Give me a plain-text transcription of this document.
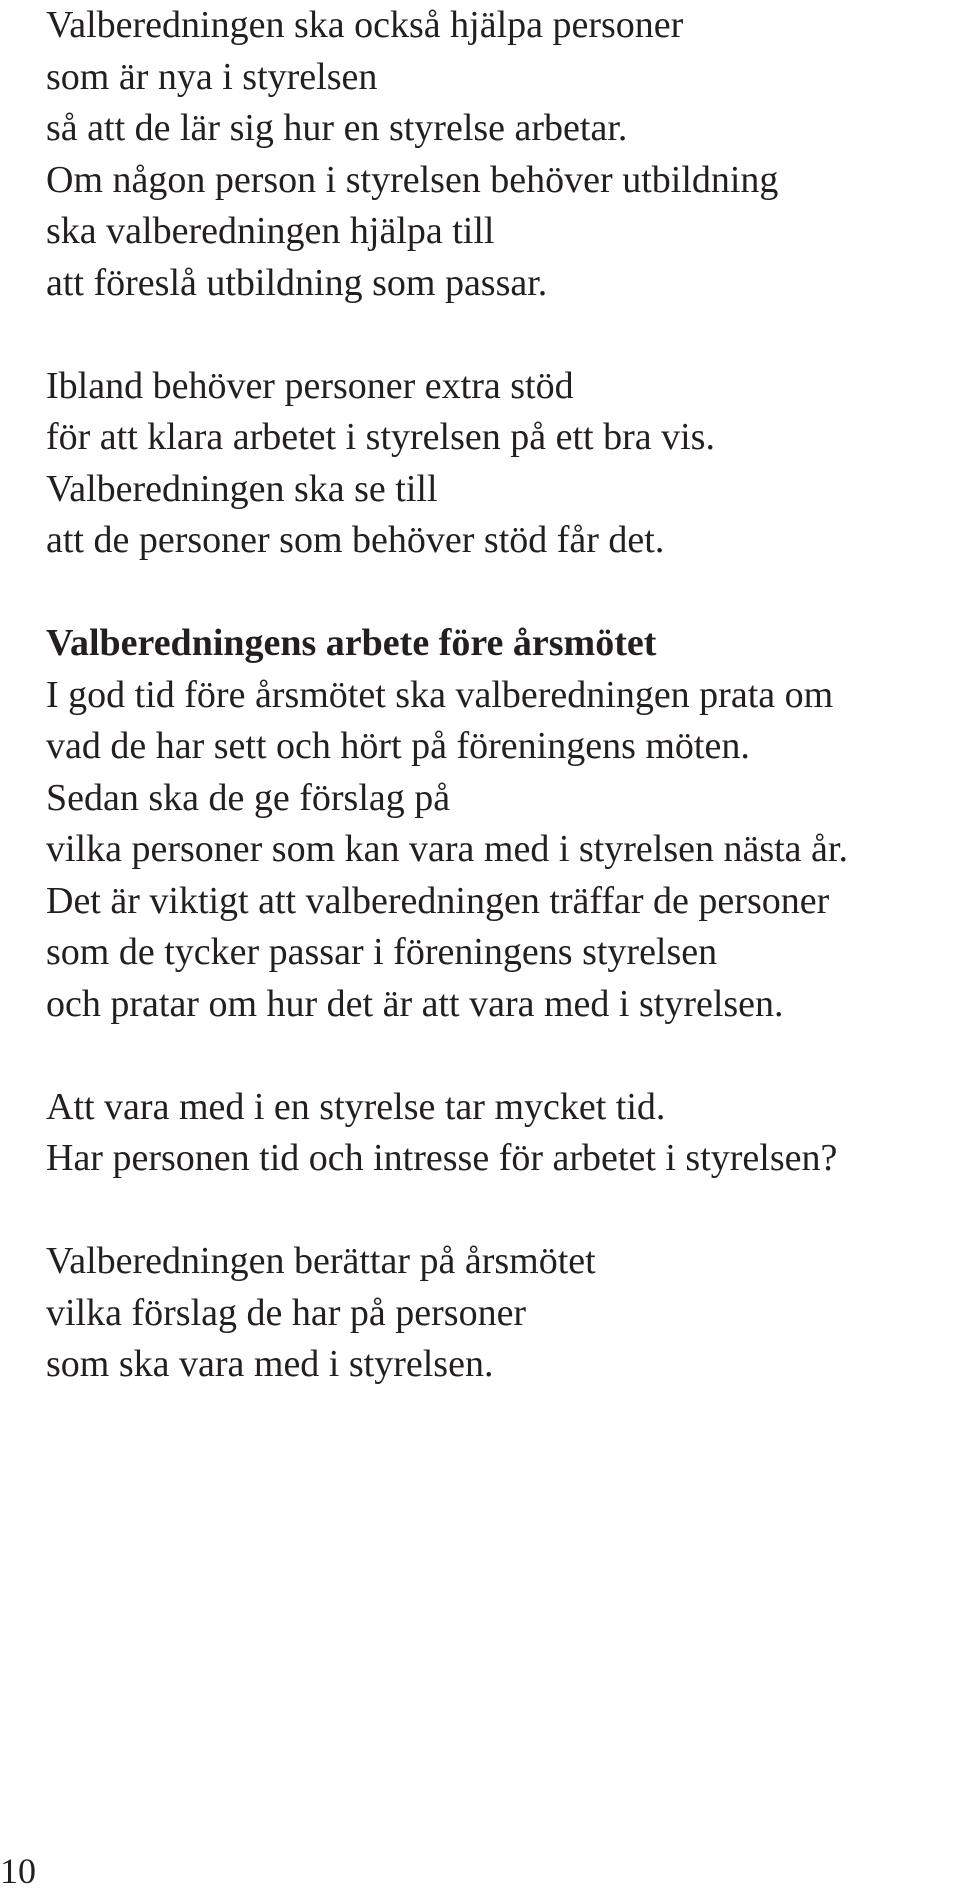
Valberedningen ska också hjälpa personer
som är nya i styrelsen
så att de lär sig hur en styrelse arbetar.
Om någon person i styrelsen behöver utbildning
ska valberedningen hjälpa till
att föreslå utbildning som passar.

Ibland behöver personer extra stöd
för att klara arbetet i styrelsen på ett bra vis.
Valberedningen ska se till
att de personer som behöver stöd får det.

Valberedningens arbete före årsmötet
I god tid före årsmötet ska valberedningen prata om
vad de har sett och hört på föreningens möten.
Sedan ska de ge förslag på
vilka personer som kan vara med i styrelsen nästa år.
Det är viktigt att valberedningen träffar de personer
som de tycker passar i föreningens styrelsen
och pratar om hur det är att vara med i styrelsen.

Att vara med i en styrelse tar mycket tid.
Har personen tid och intresse för arbetet i styrelsen?

Valberedningen berättar på årsmötet
vilka förslag de har på personer
som ska vara med i styrelsen.

10
